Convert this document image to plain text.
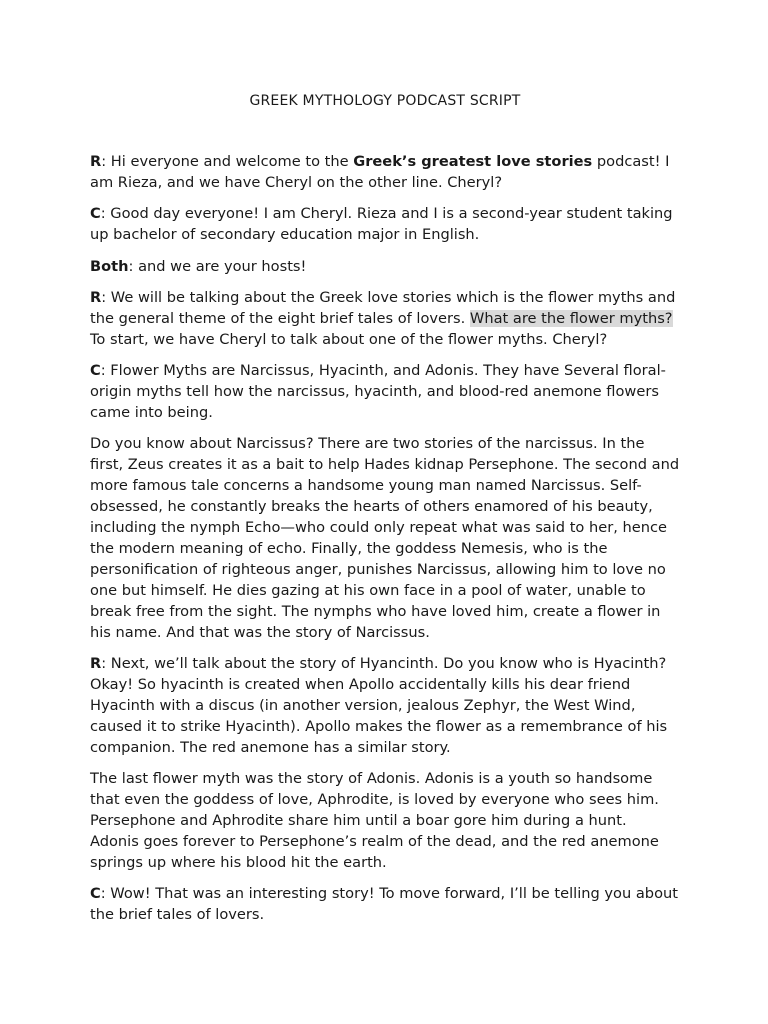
GREEK MYTHOLOGY PODCAST SCRIPT

R: Hi everyone and welcome to the Greek’s greatest love stories podcast! I am Rieza, and we have Cheryl on the other line. Cheryl?

C: Good day everyone! I am Cheryl. Rieza and I is a second-year student taking up bachelor of secondary education major in English.

Both: and we are your hosts!

R: We will be talking about the Greek love stories which is the flower myths and the general theme of the eight brief tales of lovers. What are the flower myths? To start, we have Cheryl to talk about one of the flower myths. Cheryl?

C: Flower Myths are Narcissus, Hyacinth, and Adonis. They have Several floral-origin myths tell how the narcissus, hyacinth, and blood-red anemone flowers came into being.

Do you know about Narcissus? There are two stories of the narcissus. In the first, Zeus creates it as a bait to help Hades kidnap Persephone. The second and more famous tale concerns a handsome young man named Narcissus. Self-obsessed, he constantly breaks the hearts of others enamored of his beauty, including the nymph Echo—who could only repeat what was said to her, hence the modern meaning of echo. Finally, the goddess Nemesis, who is the personification of righteous anger, punishes Narcissus, allowing him to love no one but himself. He dies gazing at his own face in a pool of water, unable to break free from the sight. The nymphs who have loved him, create a flower in his name. And that was the story of Narcissus.

R: Next, we’ll talk about the story of Hyancinth. Do you know who is Hyacinth? Okay! So hyacinth is created when Apollo accidentally kills his dear friend Hyacinth with a discus (in another version, jealous Zephyr, the West Wind, caused it to strike Hyacinth). Apollo makes the flower as a remembrance of his companion. The red anemone has a similar story.

The last flower myth was the story of Adonis. Adonis is a youth so handsome that even the goddess of love, Aphrodite, is loved by everyone who sees him. Persephone and Aphrodite share him until a boar gore him during a hunt. Adonis goes forever to Persephone’s realm of the dead, and the red anemone springs up where his blood hit the earth.

C: Wow! That was an interesting story! To move forward, I’ll be telling you about the brief tales of lovers.
